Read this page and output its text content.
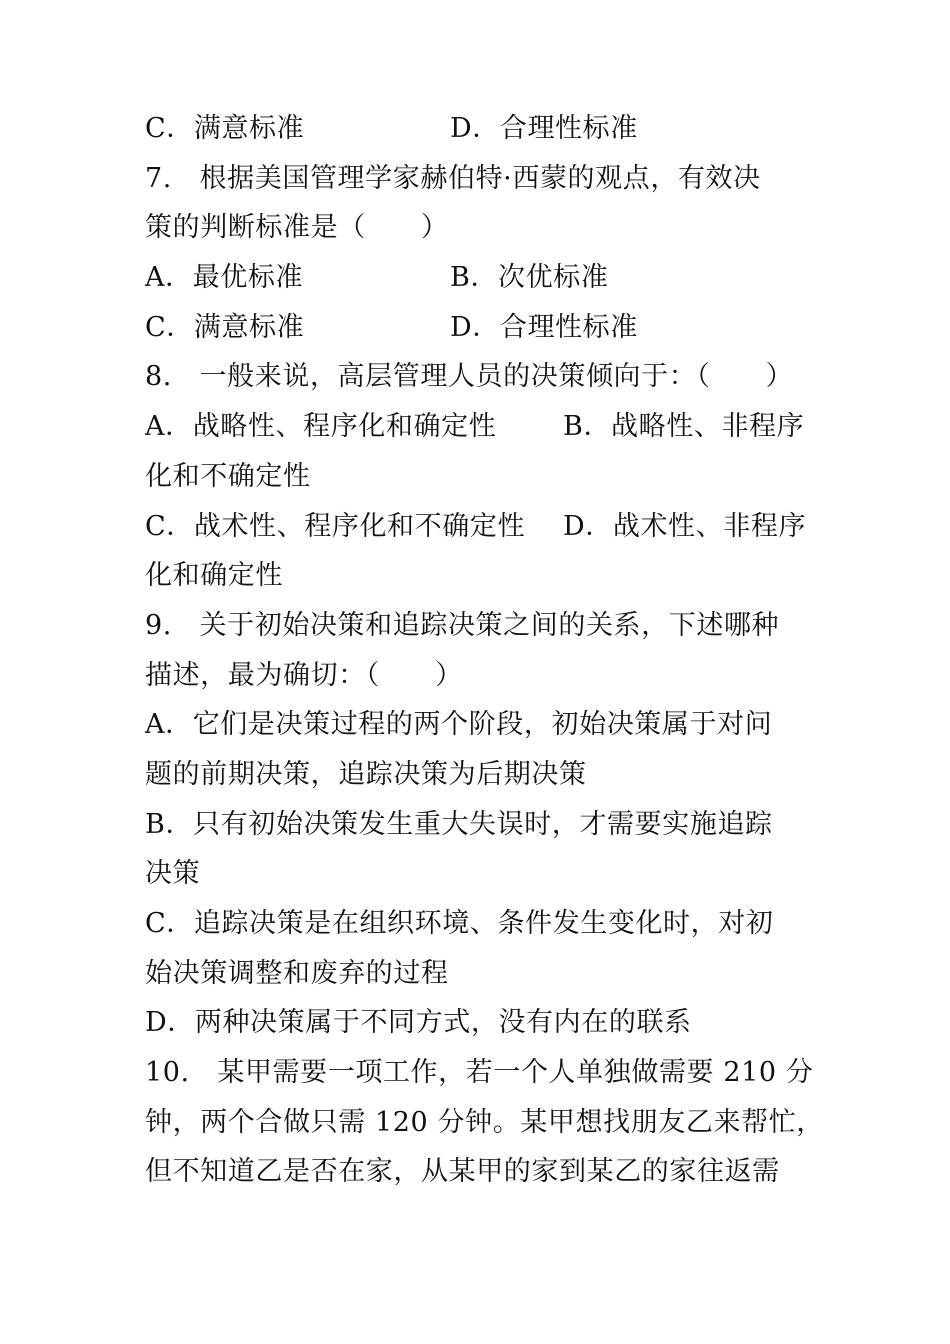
C．满意标准	D．合理性标准
7.　根据美国管理学家赫伯特·西蒙的观点，有效决
策的判断标准是（　　）
A．最优标准	B．次优标准
C．满意标准	D．合理性标准
8.　一般来说，高层管理人员的决策倾向于：（　　）
A．战略性、程序化和确定性 B．战略性、非程序
化和不确定性
C．战术性、程序化和不确定性 D．战术性、非程序
化和确定性
9.　关于初始决策和追踪决策之间的关系，下述哪种
描述，最为确切：（　　）
A．它们是决策过程的两个阶段，初始决策属于对问
题的前期决策，追踪决策为后期决策
B．只有初始决策发生重大失误时，才需要实施追踪
决策
C．追踪决策是在组织环境、条件发生变化时，对初
始决策调整和废弃的过程
D．两种决策属于不同方式，没有内在的联系
10.　某甲需要一项工作，若一个人单独做需要 210 分
钟，两个合做只需 120 分钟。某甲想找朋友乙来帮忙，
但不知道乙是否在家，从某甲的家到某乙的家往返需
